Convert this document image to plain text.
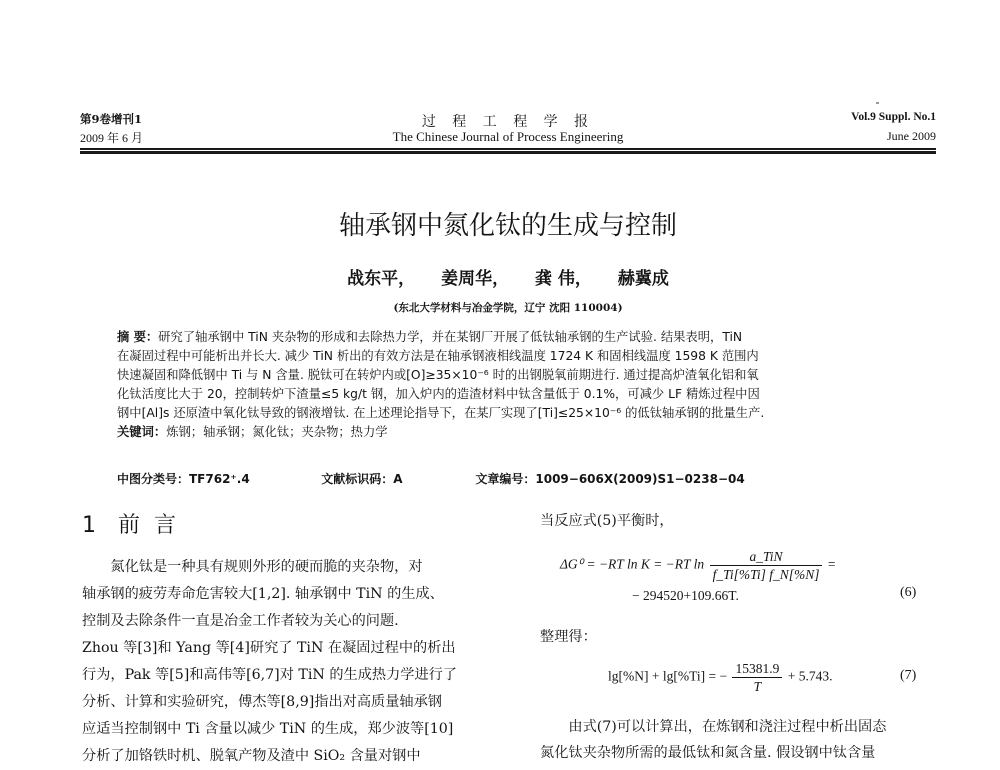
第9卷增刊1	过 程 工 程 学 报	Vol.9 Suppl. No.1
2009 年 6 月	The Chinese Journal of Process Engineering	June 2009
轴承钢中氮化钛的生成与控制
战东平， 姜周华， 龚 伟， 赫冀成
(东北大学材料与冶金学院，辽宁 沈阳 110004)
摘 要：研究了轴承钢中 TiN 夹杂物的形成和去除热力学，并在某钢厂开展了低钛轴承钢的生产试验. 结果表明，TiN
在凝固过程中可能析出并长大. 减少 TiN 析出的有效方法是在轴承钢液相线温度 1724 K 和固相线温度 1598 K 范围内
快速凝固和降低钢中 Ti 与 N 含量. 脱钛可在转炉内或[O]≥35×10⁻⁶ 时的出钢脱氧前期进行. 通过提高炉渣氧化铝和氧
化钛活度比大于 20，控制转炉下渣量≤5 kg/t 钢，加入炉内的造渣材料中钛含量低于 0.1%，可减少 LF 精炼过程中因
钢中[Al]s 还原渣中氧化钛导致的钢液增钛. 在上述理论指导下，在某厂实现了[Ti]≤25×10⁻⁶ 的低钛轴承钢的批量生产.
关键词：炼钢；轴承钢；氮化钛；夹杂物；热力学
中图分类号：TF762⁺.4	文献标识码：A	文章编号：1009−606X(2009)S1−0238−04
1 前言
　　氮化钛是一种具有规则外形的硬而脆的夹杂物，对
轴承钢的疲劳寿命危害较大[1,2]. 轴承钢中 TiN 的生成、
控制及去除条件一直是冶金工作者较为关心的问题.
Zhou 等[3]和 Yang 等[4]研究了 TiN 在凝固过程中的析出
行为，Pak 等[5]和高伟等[6,7]对 TiN 的生成热力学进行了
分析、计算和实验研究，傅杰等[8,9]指出对高质量轴承钢
应适当控制钢中 Ti 含量以减少 TiN 的生成，郑少波等[10]
分析了加铬铁时机、脱氧产物及渣中 SiO₂ 含量对钢中
当反应式(5)平衡时，
ΔG⁰ = −RT ln K = −RT $\ln \frac{\text{a\_TiN}}{f\_Ti[\%Ti] f\_N[\%N]}$ =
− 294520+109.66T.	(6)
整理得：
lg[%N] + lg[%Ti] = − $\frac{15381.9}{T} + 5.743$.	(7)
　　由式(7)可以计算出，在炼钢和浇注过程中析出固态
氮化钛夹杂物所需的最低钛和氮含量. 假设钢中钛含量
